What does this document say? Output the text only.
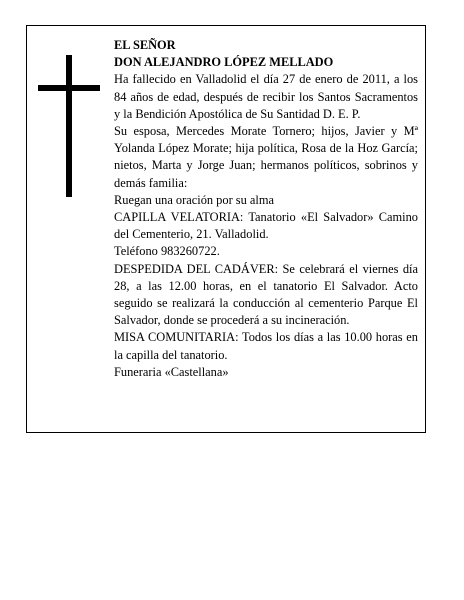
EL SEÑOR
DON ALEJANDRO LÓPEZ MELLADO
Ha fallecido en Valladolid el día 27 de enero de 2011, a los 84 años de edad, después de recibir los Santos Sacramentos y la Bendición Apostólica de Su Santidad D. E. P.
Su esposa, Mercedes Morate Tornero; hijos, Javier y Mª Yolanda López Morate; hija política, Rosa de la Hoz García; nietos, Marta y Jorge Juan; hermanos políticos, sobrinos y demás familia:
Ruegan una oración por su alma
CAPILLA VELATORIA: Tanatorio «El Salvador» Camino del Cementerio, 21. Valladolid.
Teléfono 983260722.
DESPEDIDA DEL CADÁVER: Se celebrará el viernes día 28, a las 12.00 horas, en el tanatorio El Salvador. Acto seguido se realizará la conducción al cementerio Parque El Salvador, donde se procederá a su incineración.
MISA COMUNITARIA: Todos los días a las 10.00 horas en la capilla del tanatorio.
Funeraria «Castellana»
